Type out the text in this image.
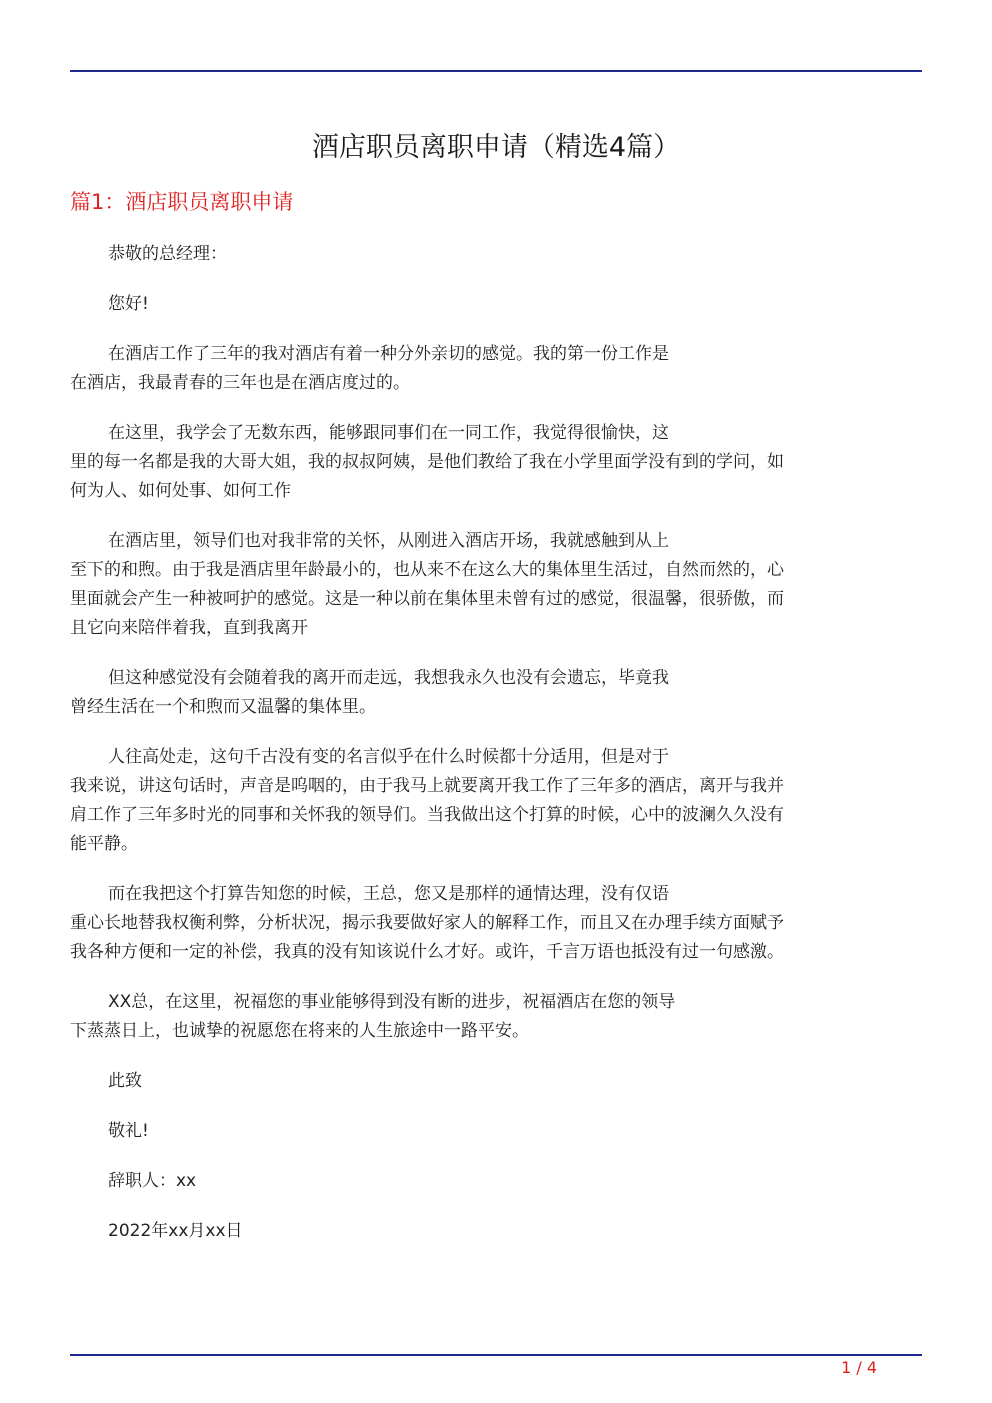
酒店职员离职申请（精选4篇）
篇1：酒店职员离职申请

恭敬的总经理：

您好!

在酒店工作了三年的我对酒店有着一种分外亲切的感觉。我的第一份工作是
在酒店，我最青春的三年也是在酒店度过的。

在这里，我学会了无数东西，能够跟同事们在一同工作，我觉得很愉快，这
里的每一名都是我的大哥大姐，我的叔叔阿姨，是他们教给了我在小学里面学没有到的学问，如
何为人、如何处事、如何工作

在酒店里，领导们也对我非常的关怀，从刚进入酒店开场，我就感触到从上
至下的和煦。由于我是酒店里年龄最小的，也从来不在这么大的集体里生活过，自然而然的，心
里面就会产生一种被呵护的感觉。这是一种以前在集体里未曾有过的感觉，很温馨，很骄傲，而
且它向来陪伴着我，直到我离开

但这种感觉没有会随着我的离开而走远，我想我永久也没有会遗忘，毕竟我
曾经生活在一个和煦而又温馨的集体里。

人往高处走，这句千古没有变的名言似乎在什么时候都十分适用，但是对于
我来说，讲这句话时，声音是呜咽的，由于我马上就要离开我工作了三年多的酒店，离开与我并
肩工作了三年多时光的同事和关怀我的领导们。当我做出这个打算的时候，心中的波澜久久没有
能平静。

而在我把这个打算告知您的时候，王总，您又是那样的通情达理，没有仅语
重心长地替我权衡利弊，分析状况，揭示我要做好家人的解释工作，而且又在办理手续方面赋予
我各种方便和一定的补偿，我真的没有知该说什么才好。或许，千言万语也抵没有过一句感激。

XX总，在这里，祝福您的事业能够得到没有断的进步，祝福酒店在您的领导
下蒸蒸日上，也诚挚的祝愿您在将来的人生旅途中一路平安。

此致

敬礼!

辞职人：xx

2022年xx月xx日

1 / 4
